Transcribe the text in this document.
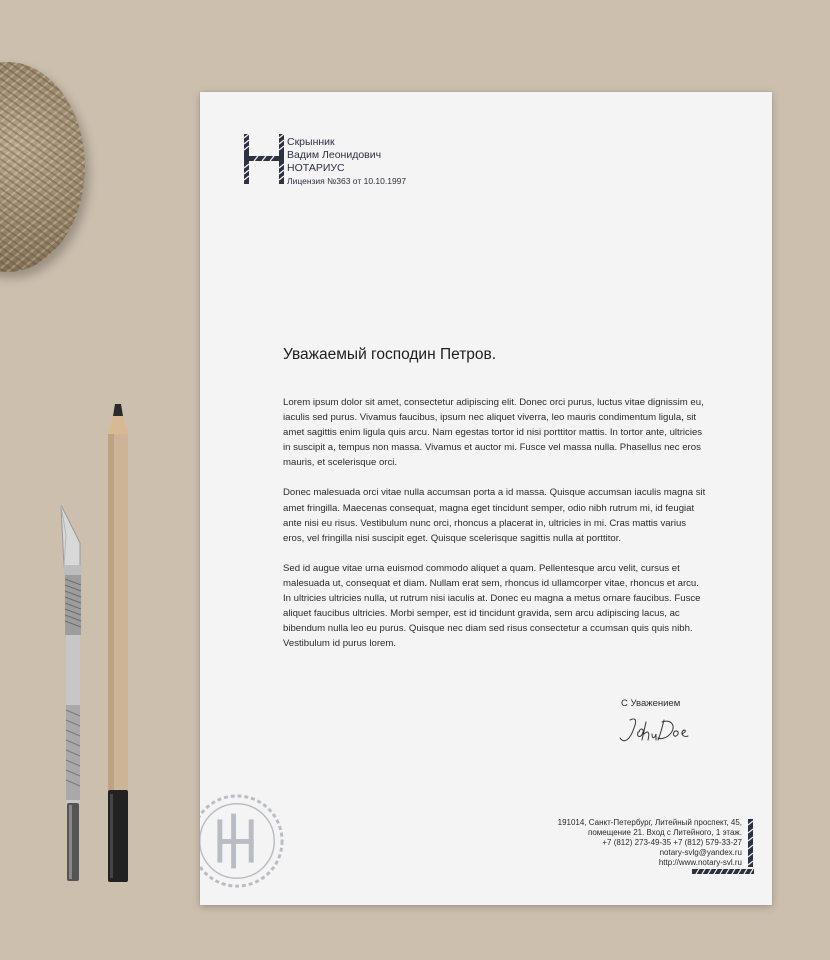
Скрынник
Вадим Леонидович
НОТАРИУС
Лицензия №363 от 10.10.1997
Уважаемый господин Петров.

Lorem ipsum dolor sit amet, consectetur adipiscing elit. Donec orci purus, luctus vitae dignissim eu, iaculis sed purus. Vivamus faucibus, ipsum nec aliquet viverra, leo mauris condimentum ligula, sit amet sagittis enim ligula quis arcu. Nam egestas tortor id nisi porttitor mattis. In tortor ante, ultricies in suscipit a, tempus non massa. Vivamus et auctor mi. Fusce vel massa nulla. Phasellus nec eros mauris, et scelerisque orci.

Donec malesuada orci vitae nulla accumsan porta a id massa. Quisque accumsan iaculis magna sit amet fringilla. Maecenas consequat, magna eget tincidunt semper, odio nibh rutrum mi, id feugiat ante nisi eu risus. Vestibulum nunc orci, rhoncus a placerat in, ultricies in mi. Cras mattis varius eros, vel fringilla nisi suscipit eget. Quisque scelerisque sagittis nulla at porttitor.

Sed id augue vitae urna euismod commodo aliquet a quam. Pellentesque arcu velit, cursus et malesuada ut, consequat et diam. Nullam erat sem, rhoncus id ullamcorper vitae, rhoncus et arcu. In ultricies ultricies nulla, ut rutrum nisi iaculis at. Donec eu magna a metus ornare faucibus. Fusce aliquet faucibus ultricies. Morbi semper, est id tincidunt gravida, sem arcu adipiscing lacus, ac bibendum nulla leo eu purus. Quisque nec diam sed risus consectetur a ccumsan quis quis nibh. Vestibulum id purus lorem.

С Уважением
191014, Санкт-Петербург, Литейный проспект, 45,
помещение 21. Вход с Литейного, 1 этаж.
+7 (812) 273-49-35 +7 (812) 579-33-27
notary-svlg@yandex.ru
http://www.notary-svl.ru
